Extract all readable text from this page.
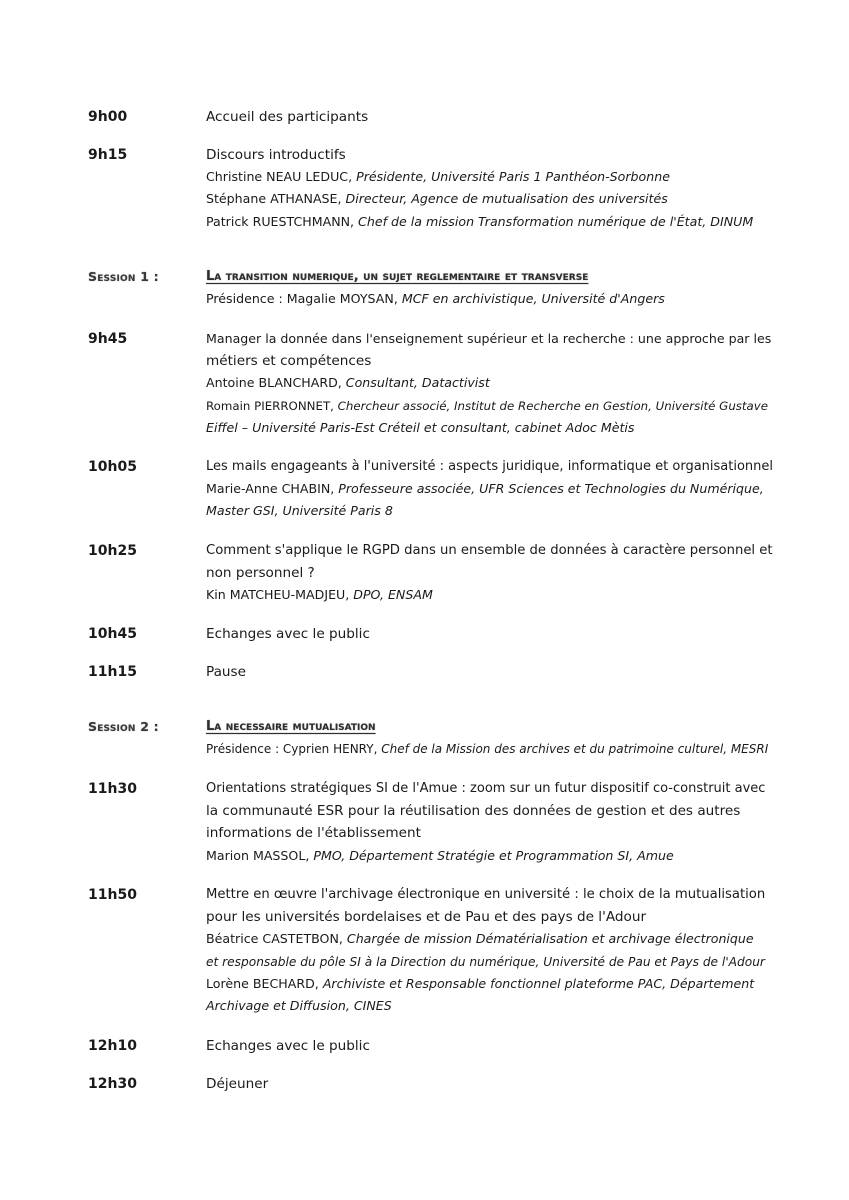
9h00	Accueil des participants
9h15	Discours introductifs
Christine NEAU LEDUC, Présidente, Université Paris 1 Panthéon-Sorbonne
Stéphane ATHANASE, Directeur, Agence de mutualisation des universités
Patrick RUESTCHMANN, Chef de la mission Transformation numérique de l'État, DINUM
Session 1 :	La transition numerique, un sujet reglementaire et transverse
Présidence : Magalie MOYSAN, MCF en archivistique, Université d'Angers
9h45	Manager la donnée dans l'enseignement supérieur et la recherche : une approche par les
métiers et compétences
Antoine BLANCHARD, Consultant, Datactivist
Romain PIERRONNET, Chercheur associé, Institut de Recherche en Gestion, Université Gustave
Eiffel – Université Paris-Est Créteil et consultant, cabinet Adoc Mètis
10h05	Les mails engageants à l'université : aspects juridique, informatique et organisationnel
Marie-Anne CHABIN, Professeure associée, UFR Sciences et Technologies du Numérique,
Master GSI, Université Paris 8
10h25	Comment s'applique le RGPD dans un ensemble de données à caractère personnel et
non personnel ?
Kin MATCHEU-MADJEU, DPO, ENSAM
10h45	Echanges avec le public
11h15	Pause
Session 2 :	La necessaire mutualisation
Présidence : Cyprien HENRY, Chef de la Mission des archives et du patrimoine culturel, MESRI
11h30	Orientations stratégiques SI de l'Amue : zoom sur un futur dispositif co-construit avec
la communauté ESR pour la réutilisation des données de gestion et des autres
informations de l'établissement
Marion MASSOL, PMO, Département Stratégie et Programmation SI, Amue
11h50	Mettre en œuvre l'archivage électronique en université : le choix de la mutualisation
pour les universités bordelaises et de Pau et des pays de l'Adour
Béatrice CASTETBON, Chargée de mission Dématérialisation et archivage électronique
et responsable du pôle SI à la Direction du numérique, Université de Pau et Pays de l'Adour
Lorène BECHARD, Archiviste et Responsable fonctionnel plateforme PAC, Département
Archivage et Diffusion, CINES
12h10	Echanges avec le public
12h30	Déjeuner
